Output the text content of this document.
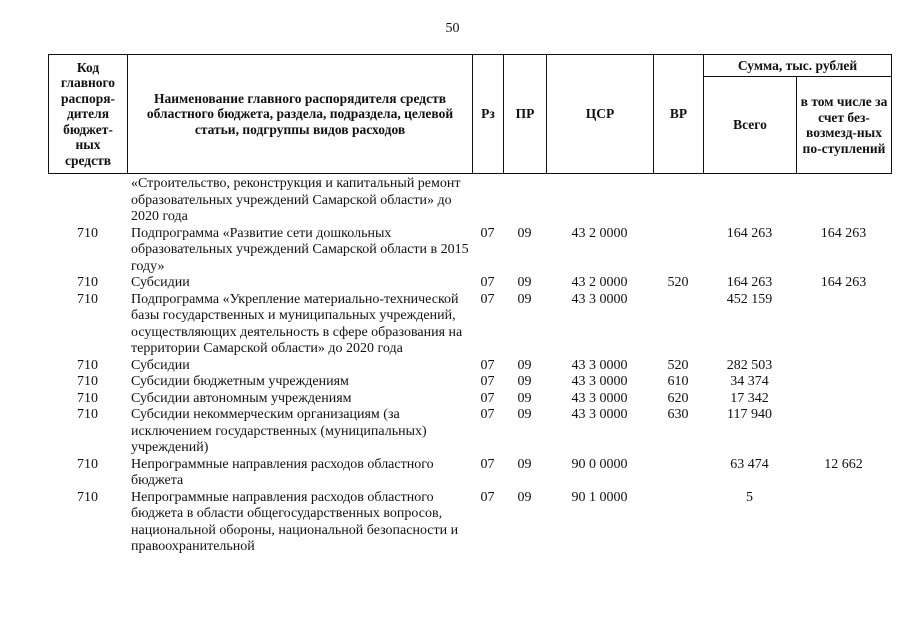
50
Код главного распоря-дителя бюджет-ных средств	Наименование главного распорядителя средств областного бюджета, раздела, подраздела, целевой статьи, подгруппы видов расходов	Рз	ПР	ЦСР	ВР	Сумма, тыс. рублей	
						Всего	в том числе за счет без-возмезд-ных по-ступлений
	«Строительство, реконструкция и капитальный ремонт образовательных учреждений Самарской области» до 2020 года						
710	Подпрограмма «Развитие сети дошкольных образовательных учреждений Самарской области в 2015 году»	07	09	43 2 0000		164 263	164 263
710	Субсидии	07	09	43 2 0000	520	164 263	164 263
710	Подпрограмма «Укрепление материально-технической базы государственных и муниципальных учреждений, осуществляющих деятельность в сфере образования на территории Самарской области» до 2020 года	07	09	43 3 0000		452 159	
710	Субсидии	07	09	43 3 0000	520	282 503	
710	Субсидии бюджетным учреждениям	07	09	43 3 0000	610	34 374	
710	Субсидии автономным учреждениям	07	09	43 3 0000	620	17 342	
710	Субсидии некоммерческим организациям (за исключением государственных (муниципальных) учреждений)	07	09	43 3 0000	630	117 940	
710	Непрограммные направления расходов областного бюджета	07	09	90 0 0000		63 474	12 662
710	Непрограммные направления расходов областного бюджета в области общегосударственных вопросов, национальной обороны, национальной безопасности и правоохранительной	07	09	90 1 0000		5	
